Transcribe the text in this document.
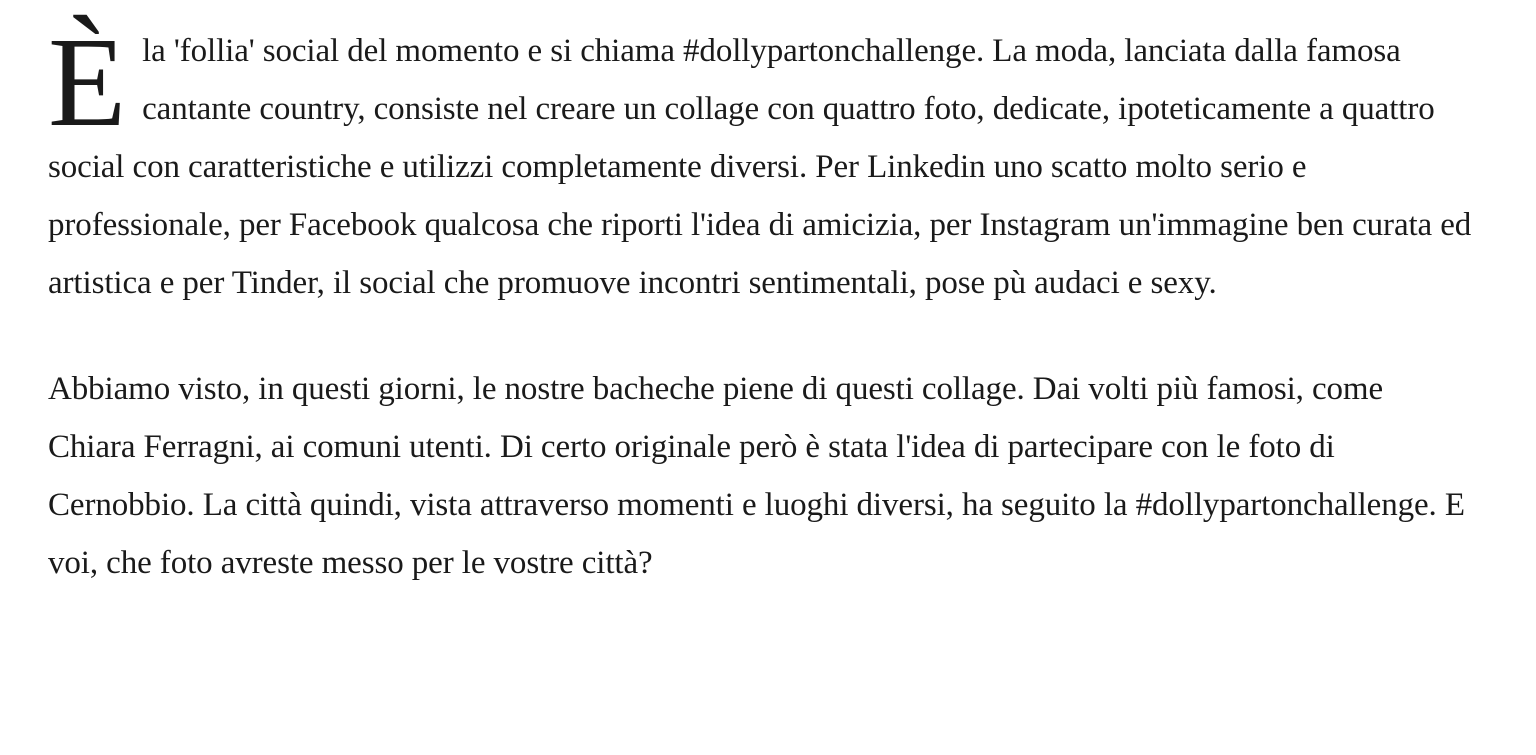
È la 'follia' social del momento e si chiama #dollypartonchallenge. La moda, lanciata dalla famosa cantante country, consiste nel creare un collage con quattro foto, dedicate, ipoteticamente a quattro social con caratteristiche e utilizzi completamente diversi. Per Linkedin uno scatto molto serio e professionale, per Facebook qualcosa che riporti l'idea di amicizia, per Instagram un'immagine ben curata ed artistica e per Tinder, il social che promuove incontri sentimentali, pose pù audaci e sexy.

Abbiamo visto, in questi giorni, le nostre bacheche piene di questi collage. Dai volti più famosi, come Chiara Ferragni, ai comuni utenti. Di certo originale però è stata l'idea di partecipare con le foto di Cernobbio. La città quindi, vista attraverso momenti e luoghi diversi, ha seguito la #dollypartonchallenge. E voi, che foto avreste messo per le vostre città?
